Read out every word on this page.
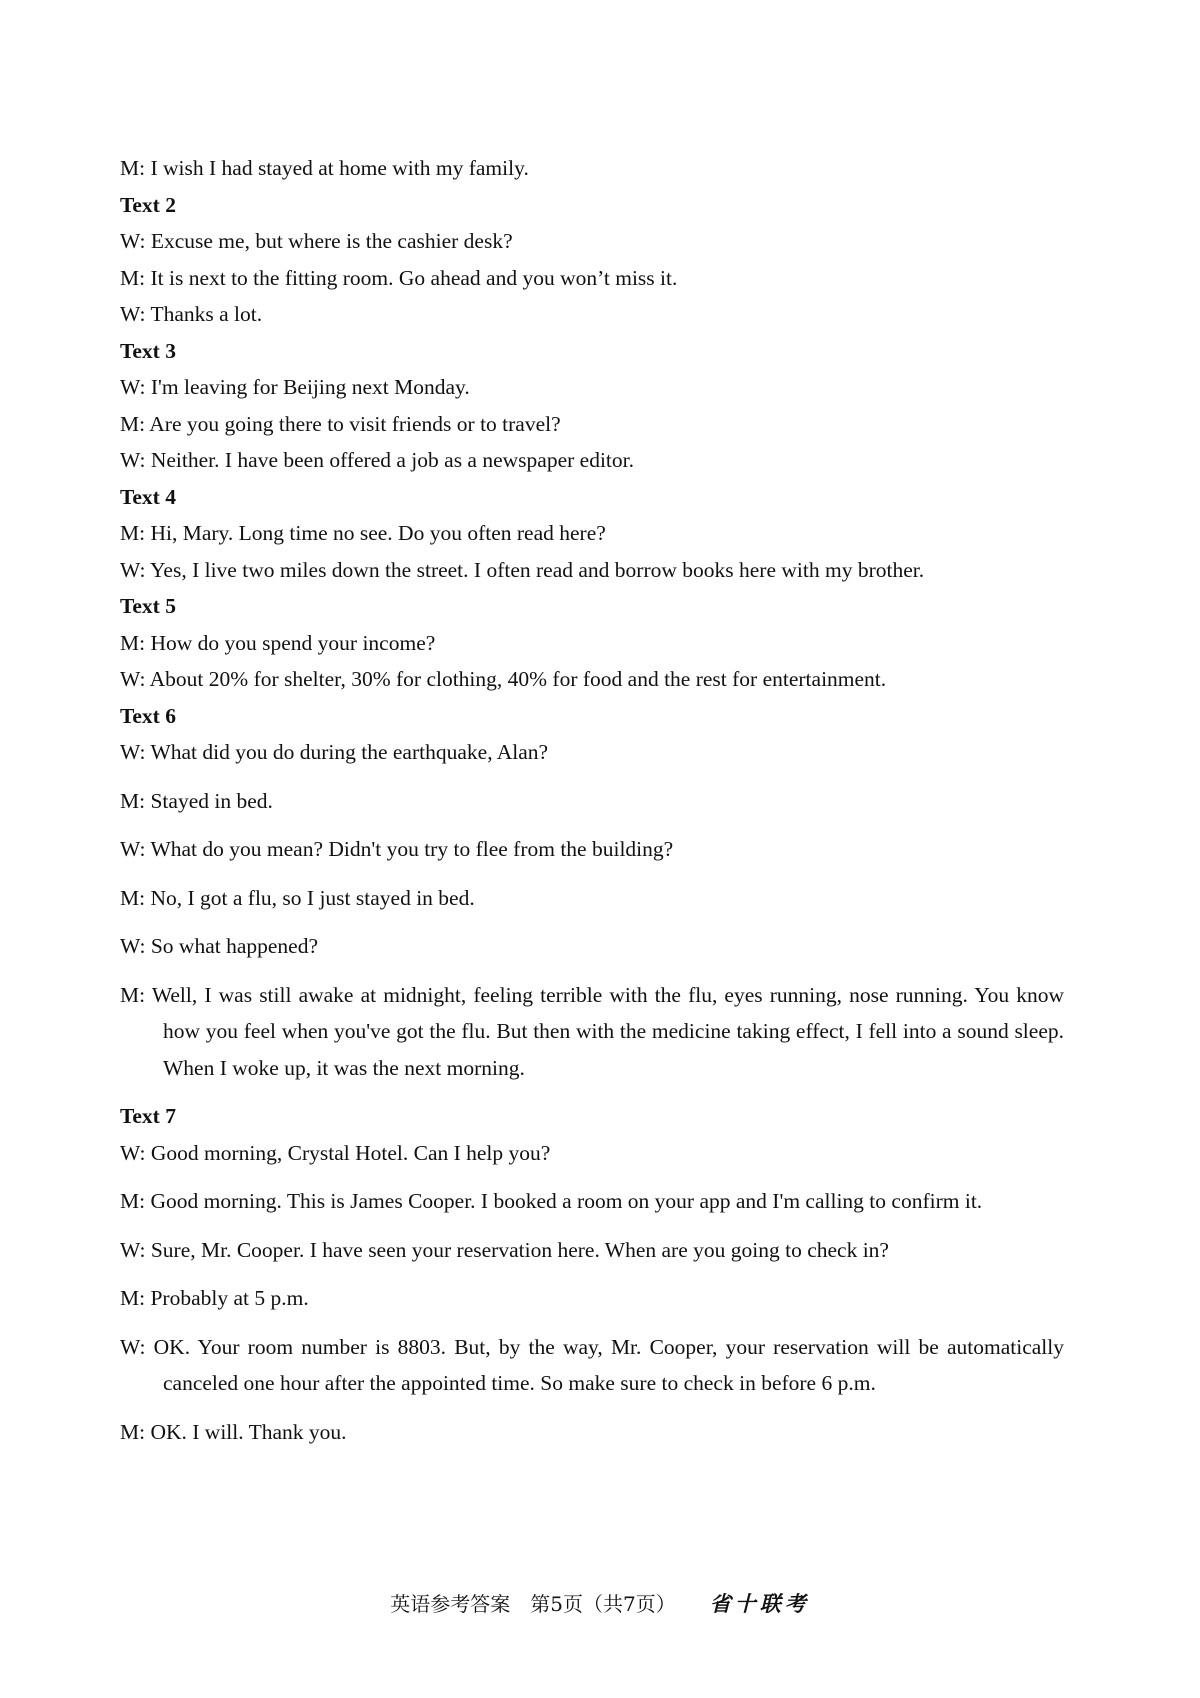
M: I wish I had stayed at home with my family.

Text 2

W: Excuse me, but where is the cashier desk?

M: It is next to the fitting room. Go ahead and you won’t miss it.

W: Thanks a lot.

Text 3

W: I'm leaving for Beijing next Monday.

M: Are you going there to visit friends or to travel?

W: Neither. I have been offered a job as a newspaper editor.

Text 4

M: Hi, Mary. Long time no see. Do you often read here?

W: Yes, I live two miles down the street. I often read and borrow books here with my brother.

Text 5

M: How do you spend your income?

W: About 20% for shelter, 30% for clothing, 40% for food and the rest for entertainment.

Text 6

W: What did you do during the earthquake, Alan?

M: Stayed in bed.

W: What do you mean? Didn't you try to flee from the building?

M: No, I got a flu, so I just stayed in bed.

W: So what happened?

M: Well, I was still awake at midnight, feeling terrible with the flu, eyes running, nose running. You know how you feel when you've got the flu. But then with the medicine taking effect, I fell into a sound sleep. When I woke up, it was the next morning.

Text 7

W: Good morning, Crystal Hotel. Can I help you?

M: Good morning. This is James Cooper. I booked a room on your app and I'm calling to confirm it.

W: Sure, Mr. Cooper. I have seen your reservation here. When are you going to check in?

M: Probably at 5 p.m.

W: OK. Your room number is 8803. But, by the way, Mr. Cooper, your reservation will be automatically canceled one hour after the appointed time. So make sure to check in before 6 p.m.

M: OK. I will. Thank you.

英语参考答案　第5页（共7页） 省十联考
